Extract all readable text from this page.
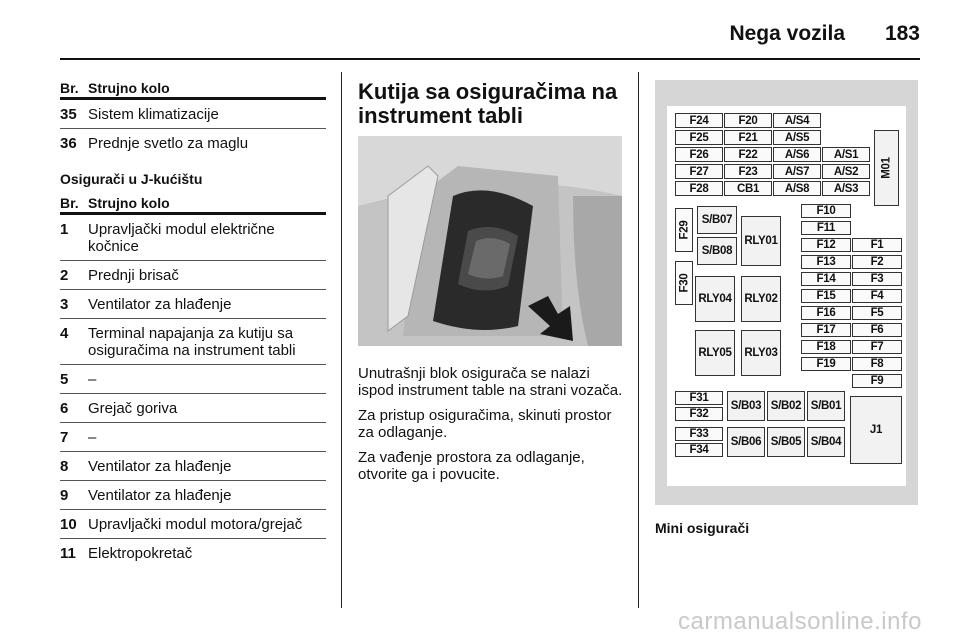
Nega vozila 183
Br. Strujno kolo
35 Sistem klimatizacije
36 Prednje svetlo za maglu
Osigurači u J-kućištu
Br. Strujno kolo
1	Upravljački modul električne kočnice
2	Prednji brisač
3	Ventilator za hlađenje
4	Terminal napajanja za kutiju sa osiguračima na instrument tabli
5	–
6	Grejač goriva
7	–
8	Ventilator za hlađenje
9	Ventilator za hlađenje
10 Upravljački modul motora/grejač
11 Elektropokretač
Kutija sa osiguračima na instrument tabli

Unutrašnji blok osigurača se nalazi ispod instrument table na strani vozača.

Za pristup osiguračima, skinuti prostor za odlaganje.

Za vađenje prostora za odlaganje, otvorite ga i povucite.

F24	F20	A/S4
F25	F21	A/S5
F26	F22	A/S6	A/S1
F27	F23	A/S7	A/S2
F28	CB1	A/S8	A/S3
M01
F29
F30
S/B07
S/B08
RLY01
F10
F11
F12	F1
F13	F2
F14	F3
F15	F4
F16	F5
F17	F6
F18	F7
F19	F8
F9
RLY04 RLY02
RLY05 RLY03
F31
F32
F33
F34
S/B03 S/B02 S/B01
S/B06 S/B05 S/B04
J1
Mini osigurači
carmanualsonline.info
